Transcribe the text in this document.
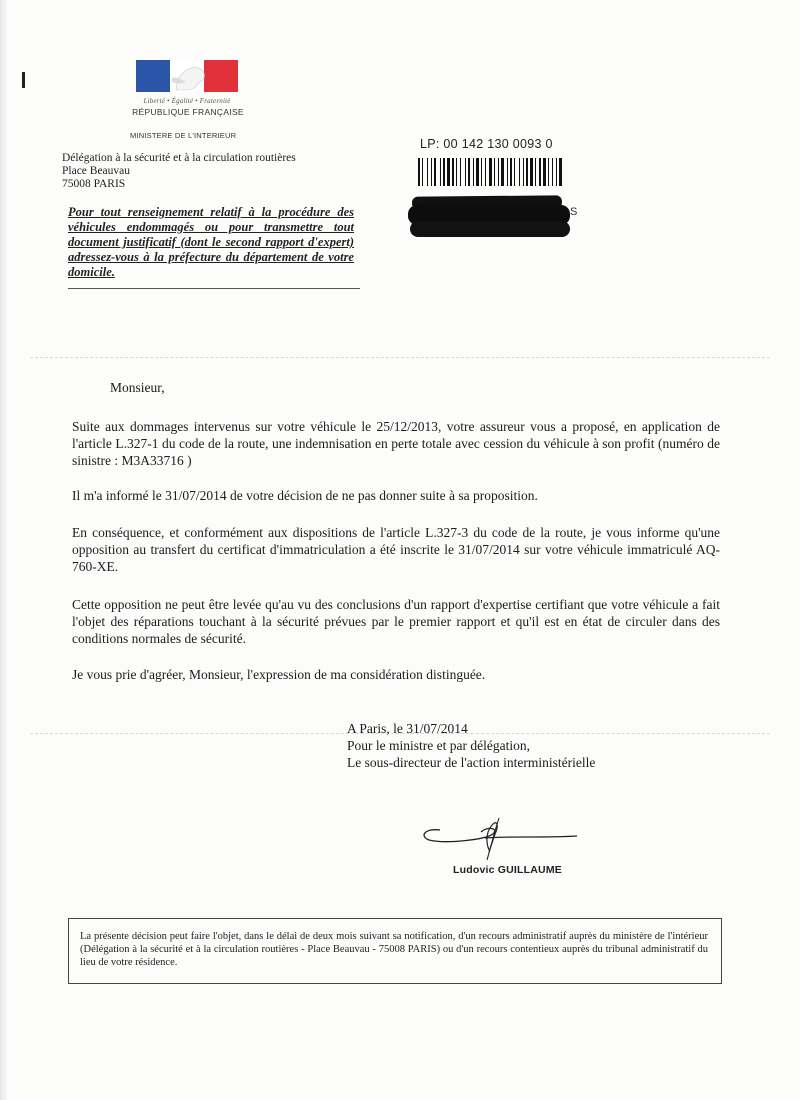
Liberté • Égalité • Fraternité
RÉPUBLIQUE FRANÇAISE
MINISTERE DE L'INTERIEUR
Délégation à la sécurité et à la circulation routières
Place Beauvau
75008 PARIS
Pour tout renseignement relatif à la procédure des véhicules endommagés ou pour transmettre tout document justificatif (dont le second rapport d'expert) adressez-vous à la préfecture du département de votre domicile.
LP: 00 142 130 0093 0
S
Monsieur,
Suite aux dommages intervenus sur votre véhicule le 25/12/2013, votre assureur vous a proposé, en application de l'article L.327-1 du code de la route, une indemnisation en perte totale avec cession du véhicule à son profit (numéro de sinistre : M3A33716 )
Il m'a informé le 31/07/2014 de votre décision de ne pas donner suite à sa proposition.
En conséquence, et conformément aux dispositions de l'article L.327-3 du code de la route, je vous informe qu'une opposition au transfert du certificat d'immatriculation a été inscrite le 31/07/2014 sur votre véhicule immatriculé AQ-760-XE.
Cette opposition ne peut être levée qu'au vu des conclusions d'un rapport d'expertise certifiant que votre véhicule a fait l'objet des réparations touchant à la sécurité prévues par le premier rapport et qu'il est en état de circuler dans des conditions normales de sécurité.
Je vous prie d'agréer, Monsieur, l'expression de ma considération distinguée.
A Paris, le 31/07/2014
Pour le ministre et par délégation,
Le sous-directeur de l'action interministérielle
Ludovic GUILLAUME
La présente décision peut faire l'objet, dans le délai de deux mois suivant sa notification, d'un recours administratif auprès du ministère de l'intérieur (Délégation à la sécurité et à la circulation routières - Place Beauvau - 75008 PARIS) ou d'un recours contentieux auprès du tribunal administratif du lieu de votre résidence.
